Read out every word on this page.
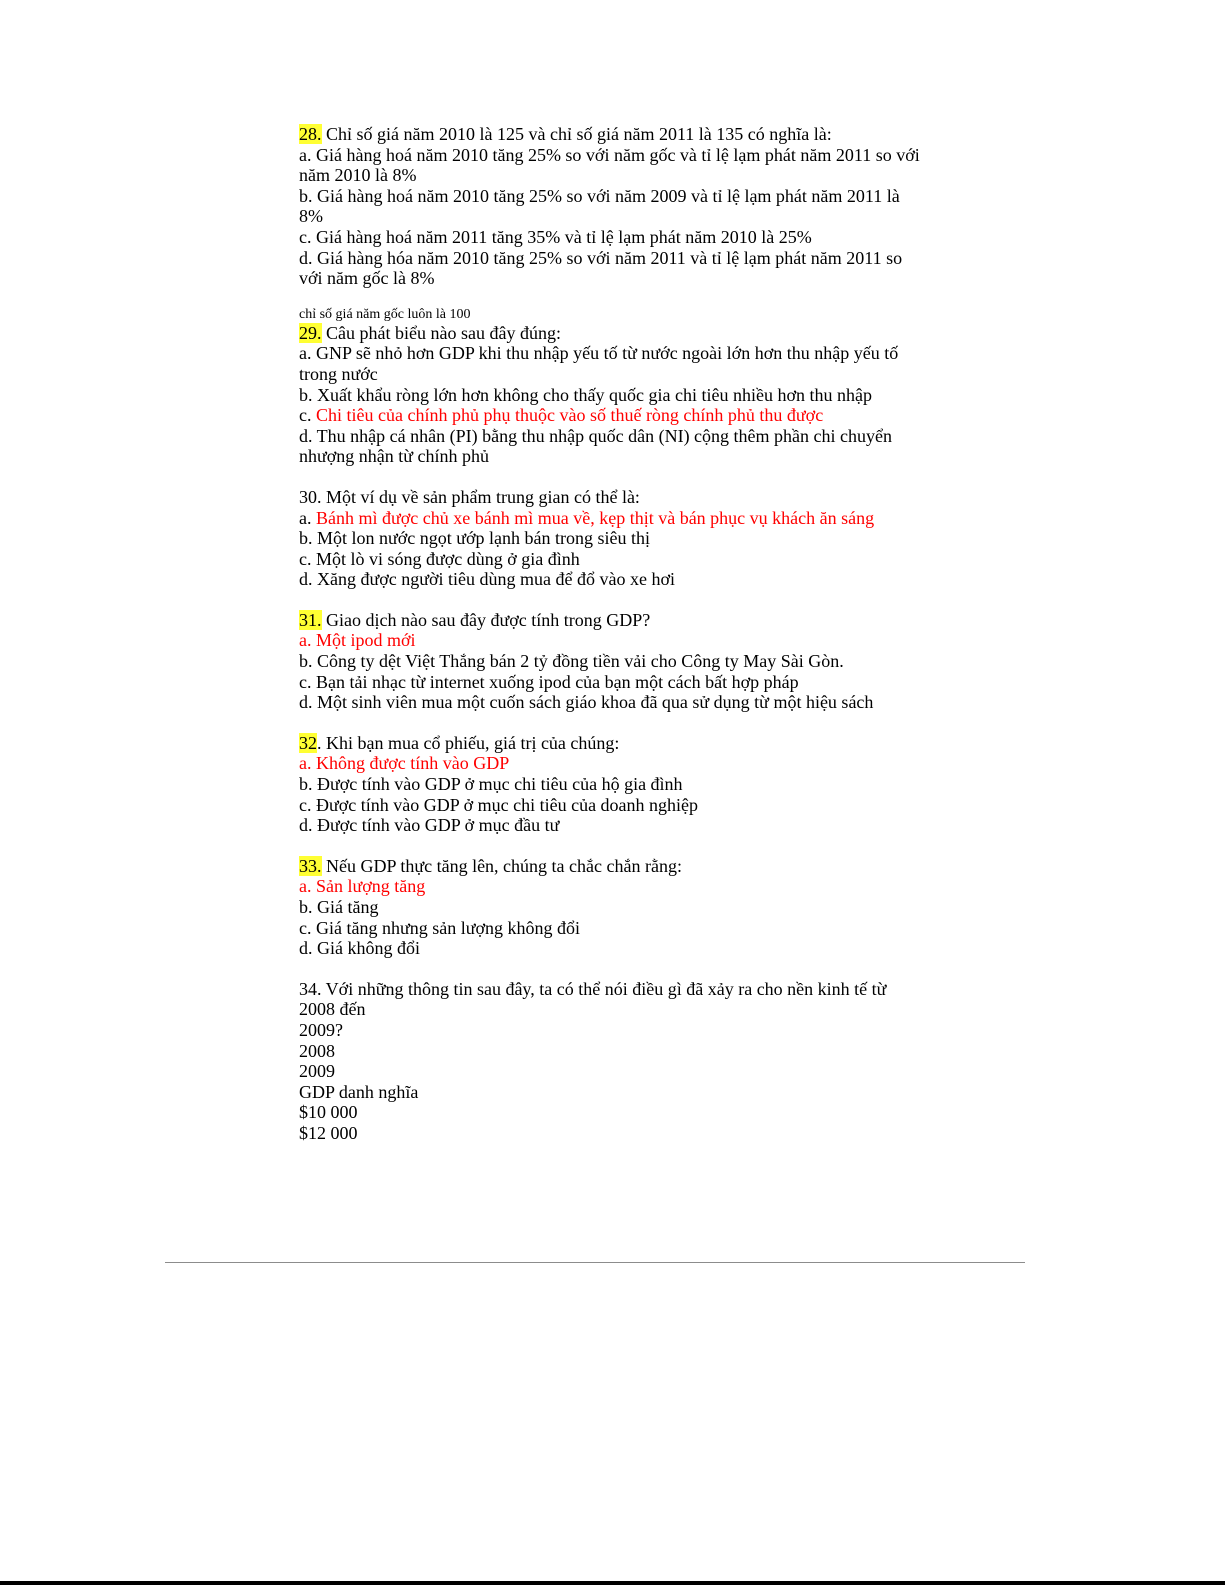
28. Chỉ số giá năm 2010 là 125 và chỉ số giá năm 2011 là 135 có nghĩa là:
a. Giá hàng hoá năm 2010 tăng 25% so với năm gốc và tỉ lệ lạm phát năm 2011 so với
năm 2010 là 8%
b. Giá hàng hoá năm 2010 tăng 25% so với năm 2009 và tỉ lệ lạm phát năm 2011 là
8%
c. Giá hàng hoá năm 2011 tăng 35% và tỉ lệ lạm phát năm 2010 là 25%
d. Giá hàng hóa năm 2010 tăng 25% so với năm 2011 và tỉ lệ lạm phát năm 2011 so
với năm gốc là 8%
chỉ số giá năm gốc luôn là 100
29. Câu phát biểu nào sau đây đúng:
a. GNP sẽ nhỏ hơn GDP khi thu nhập yếu tố từ nước ngoài lớn hơn thu nhập yếu tố
trong nước
b. Xuất khẩu ròng lớn hơn không cho thấy quốc gia chi tiêu nhiều hơn thu nhập
c. Chi tiêu của chính phủ phụ thuộc vào số thuế ròng chính phủ thu được
d. Thu nhập cá nhân (PI) bằng thu nhập quốc dân (NI) cộng thêm phần chi chuyển
nhượng nhận từ chính phủ
30. Một ví dụ về sản phẩm trung gian có thể là:
a. Bánh mì được chủ xe bánh mì mua về, kẹp thịt và bán phục vụ khách ăn sáng
b. Một lon nước ngọt ướp lạnh bán trong siêu thị
c. Một lò vi sóng được dùng ở gia đình
d. Xăng được người tiêu dùng mua để đổ vào xe hơi
31. Giao dịch nào sau đây được tính trong GDP?
a. Một ipod mới
b. Công ty dệt Việt Thắng bán 2 tỷ đồng tiền vải cho Công ty May Sài Gòn.
c. Bạn tải nhạc từ internet xuống ipod của bạn một cách bất hợp pháp
d. Một sinh viên mua một cuốn sách giáo khoa đã qua sử dụng từ một hiệu sách
32. Khi bạn mua cổ phiếu, giá trị của chúng:
a. Không được tính vào GDP
b. Được tính vào GDP ở mục chi tiêu của hộ gia đình
c. Được tính vào GDP ở mục chi tiêu của doanh nghiệp
d. Được tính vào GDP ở mục đầu tư
33. Nếu GDP thực tăng lên, chúng ta chắc chắn rằng:
a. Sản lượng tăng
b. Giá tăng
c. Giá tăng nhưng sản lượng không đổi
d. Giá không đổi
34. Với những thông tin sau đây, ta có thể nói điều gì đã xảy ra cho nền kinh tế từ
2008 đến
2009?
2008
2009
GDP danh nghĩa
$10 000
$12 000
